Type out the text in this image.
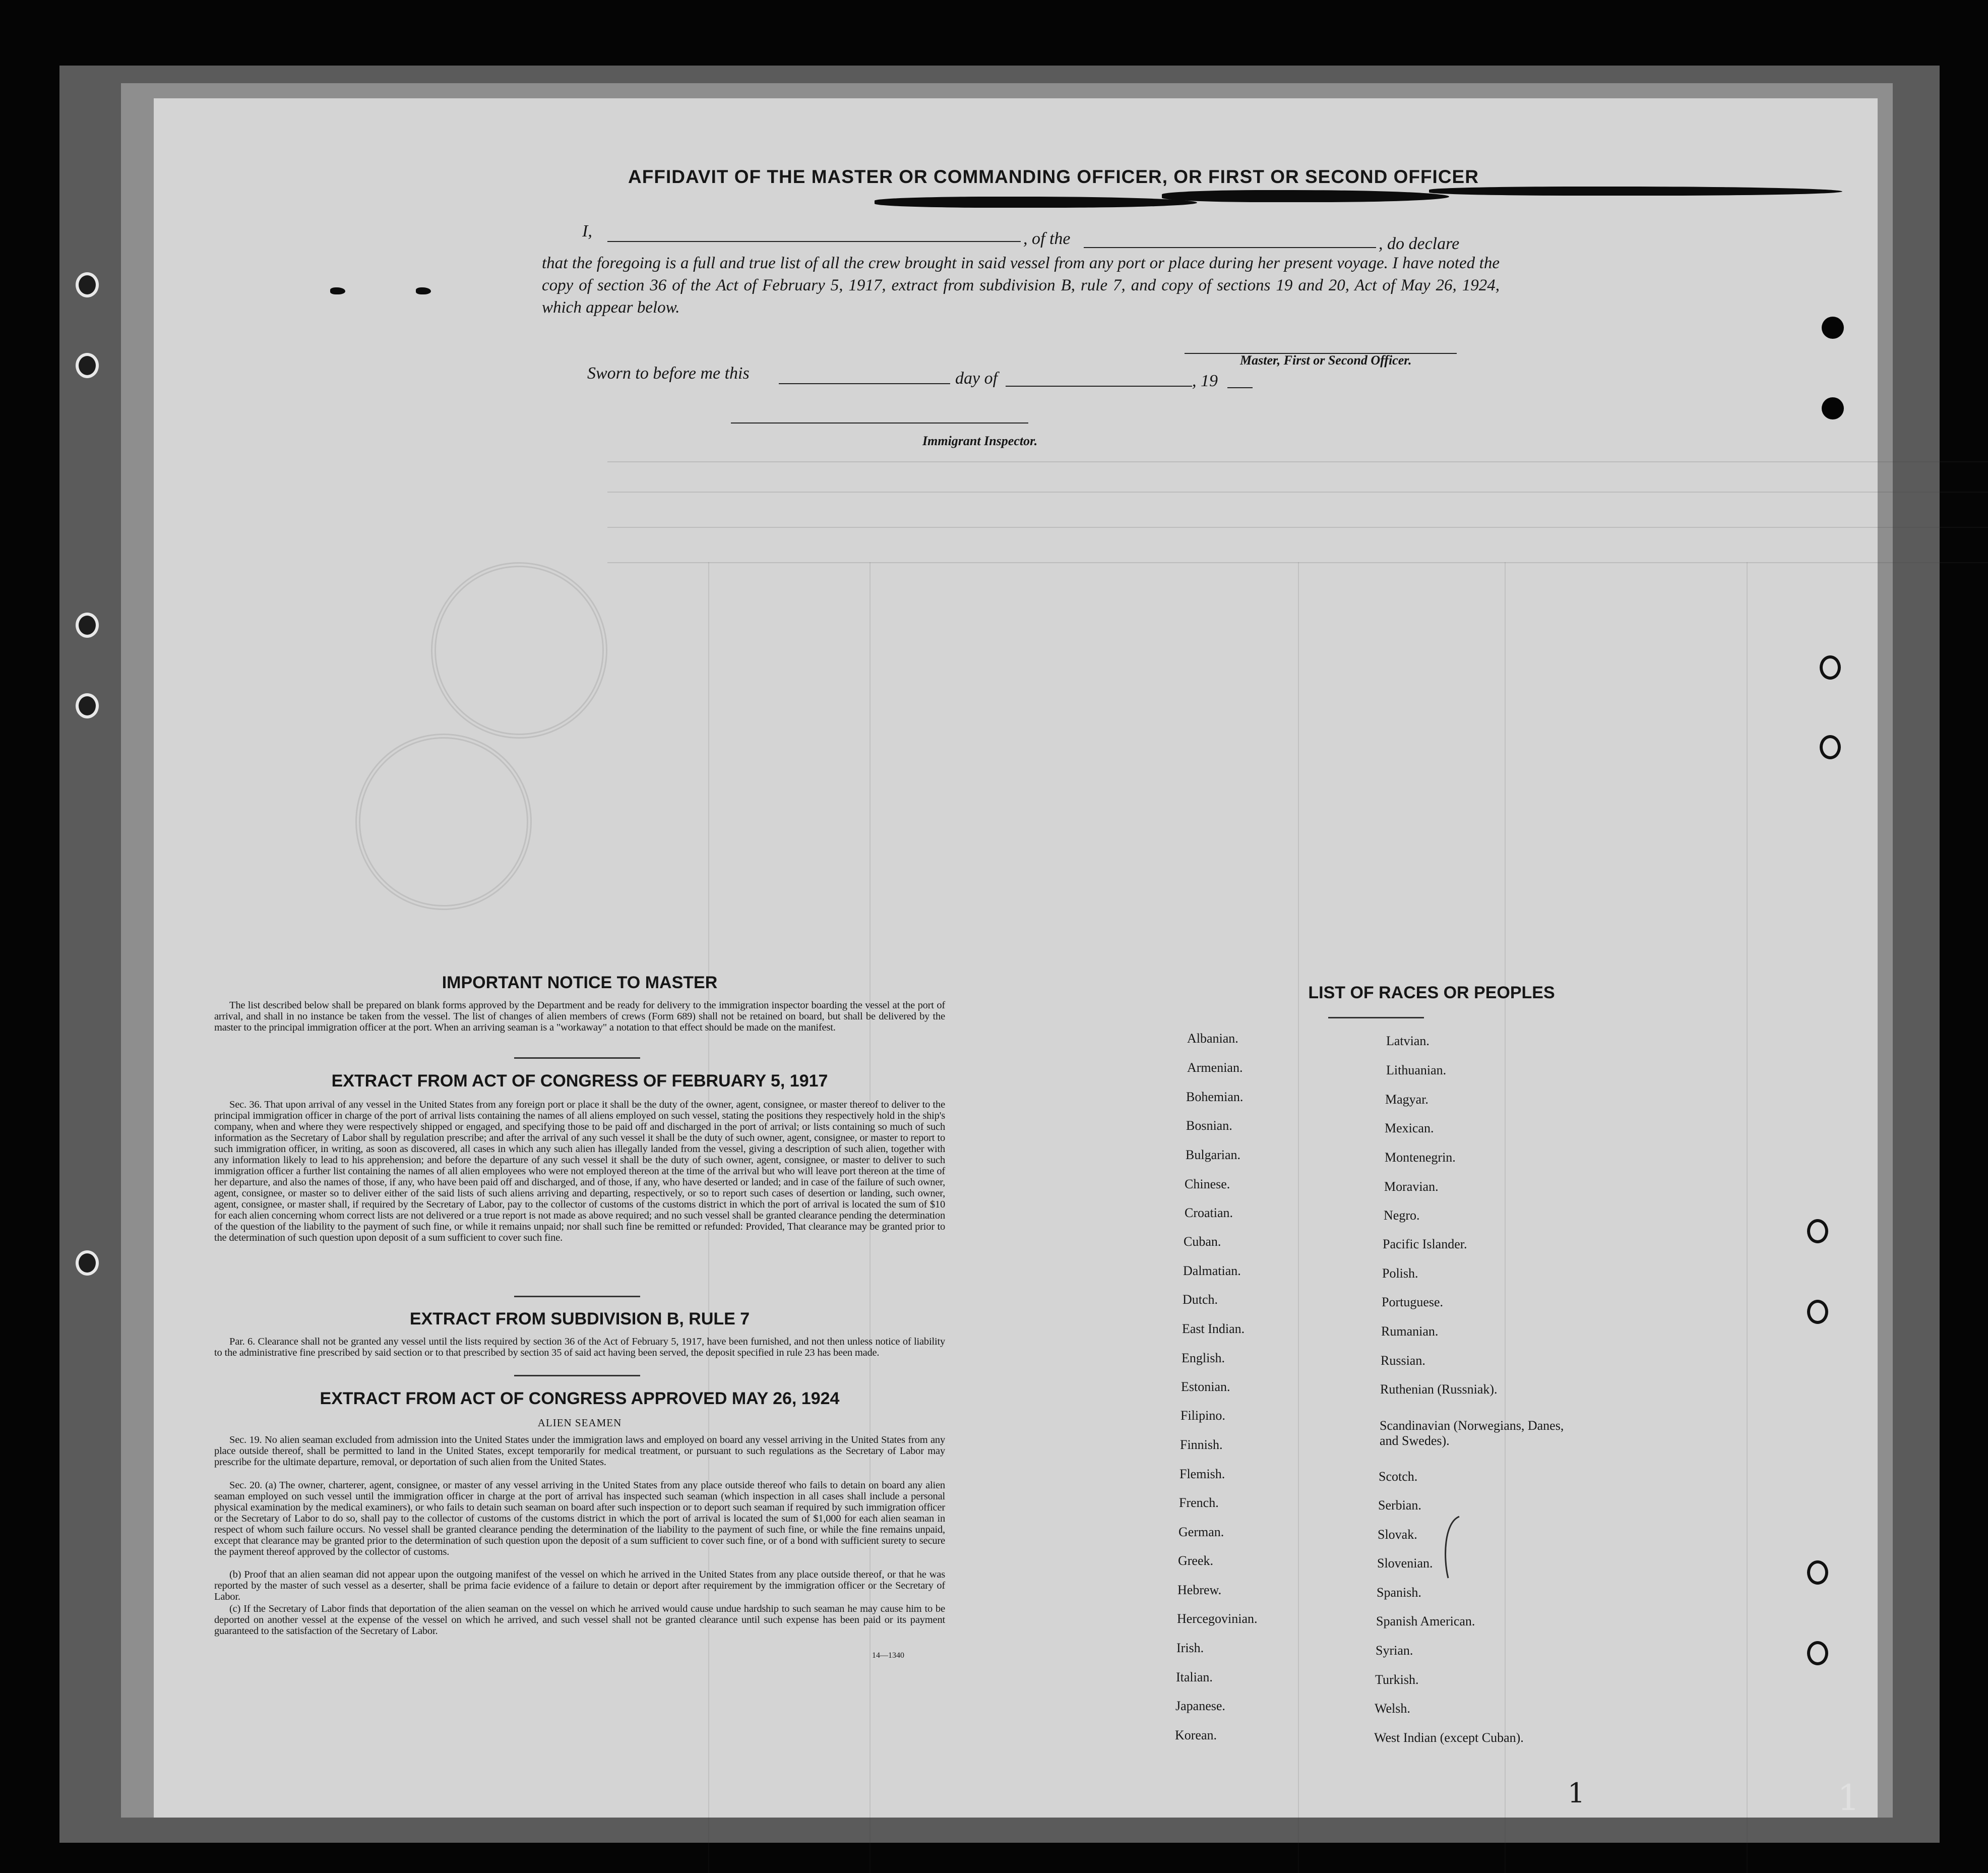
AFFIDAVIT OF THE MASTER OR COMMANDING OFFICER, OR FIRST OR SECOND OFFICER
I,	, of the	, do declare
that the foregoing is a full and true list of all the crew brought in said vessel from any port or place during her present voyage. I have noted the copy of section 36 of the Act of February 5, 1917, extract from subdivision B, rule 7, and copy of sections 19 and 20, Act of May 26, 1924, which appear below.
Master, First or Second Officer.
Sworn to before me this	day of	, 19
Immigrant Inspector.
IMPORTANT NOTICE TO MASTER
The list described below shall be prepared on blank forms approved by the Department and be ready for delivery to the immigration inspector boarding the vessel at the port of arrival, and shall in no instance be taken from the vessel. The list of changes of alien members of crews (Form 689) shall not be retained on board, but shall be delivered by the master to the principal immigration officer at the port. When an arriving seaman is a "workaway" a notation to that effect should be made on the manifest.
EXTRACT FROM ACT OF CONGRESS OF FEBRUARY 5, 1917
Sec. 36. That upon arrival of any vessel in the United States from any foreign port or place it shall be the duty of the owner, agent, consignee, or master thereof to deliver to the principal immigration officer in charge of the port of arrival lists containing the names of all aliens employed on such vessel, stating the positions they respectively hold in the ship's company, when and where they were respectively shipped or engaged, and specifying those to be paid off and discharged in the port of arrival; or lists containing so much of such information as the Secretary of Labor shall by regulation prescribe; and after the arrival of any such vessel it shall be the duty of such owner, agent, consignee, or master to report to such immigration officer, in writing, as soon as discovered, all cases in which any such alien has illegally landed from the vessel, giving a description of such alien, together with any information likely to lead to his apprehension; and before the departure of any such vessel it shall be the duty of such owner, agent, consignee, or master to deliver to such immigration officer a further list containing the names of all alien employees who were not employed thereon at the time of the arrival but who will leave port thereon at the time of her departure, and also the names of those, if any, who have been paid off and discharged, and of those, if any, who have deserted or landed; and in case of the failure of such owner, agent, consignee, or master so to deliver either of the said lists of such aliens arriving and departing, respectively, or so to report such cases of desertion or landing, such owner, agent, consignee, or master shall, if required by the Secretary of Labor, pay to the collector of customs of the customs district in which the port of arrival is located the sum of $10 for each alien concerning whom correct lists are not delivered or a true report is not made as above required; and no such vessel shall be granted clearance pending the determination of the question of the liability to the payment of such fine, or while it remains unpaid; nor shall such fine be remitted or refunded: Provided, That clearance may be granted prior to the determination of such question upon deposit of a sum sufficient to cover such fine.
EXTRACT FROM SUBDIVISION B, RULE 7
Par. 6. Clearance shall not be granted any vessel until the lists required by section 36 of the Act of February 5, 1917, have been furnished, and not then unless notice of liability to the administrative fine prescribed by said section or to that prescribed by section 35 of said act having been served, the deposit specified in rule 23 has been made.
EXTRACT FROM ACT OF CONGRESS APPROVED MAY 26, 1924
ALIEN SEAMEN
Sec. 19. No alien seaman excluded from admission into the United States under the immigration laws and employed on board any vessel arriving in the United States from any place outside thereof, shall be permitted to land in the United States, except temporarily for medical treatment, or pursuant to such regulations as the Secretary of Labor may prescribe for the ultimate departure, removal, or deportation of such alien from the United States.
Sec. 20. (a) The owner, charterer, agent, consignee, or master of any vessel arriving in the United States from any place outside thereof who fails to detain on board any alien seaman employed on such vessel until the immigration officer in charge at the port of arrival has inspected such seaman (which inspection in all cases shall include a personal physical examination by the medical examiners), or who fails to detain such seaman on board after such inspection or to deport such seaman if required by such immigration officer or the Secretary of Labor to do so, shall pay to the collector of customs of the customs district in which the port of arrival is located the sum of $1,000 for each alien seaman in respect of whom such failure occurs. No vessel shall be granted clearance pending the determination of the liability to the payment of such fine, or while the fine remains unpaid, except that clearance may be granted prior to the determination of such question upon the deposit of a sum sufficient to cover such fine, or of a bond with sufficient surety to secure the payment thereof approved by the collector of customs.
(b) Proof that an alien seaman did not appear upon the outgoing manifest of the vessel on which he arrived in the United States from any place outside thereof, or that he was reported by the master of such vessel as a deserter, shall be prima facie evidence of a failure to detain or deport after requirement by the immigration officer or the Secretary of Labor.
(c) If the Secretary of Labor finds that deportation of the alien seaman on the vessel on which he arrived would cause undue hardship to such seaman he may cause him to be deported on another vessel at the expense of the vessel on which he arrived, and such vessel shall not be granted clearance until such expense has been paid or its payment guaranteed to the satisfaction of the Secretary of Labor.
14—1340
LIST OF RACES OR PEOPLES
Albanian.
Armenian.
Bohemian.
Bosnian.
Bulgarian.
Chinese.
Croatian.
Cuban.
Dalmatian.
Dutch.
East Indian.
English.
Estonian.
Filipino.
Finnish.
Flemish.
French.
German.
Greek.
Hebrew.
Hercegovinian.
Irish.
Italian.
Japanese.
Korean.
Latvian.
Lithuanian.
Magyar.
Mexican.
Montenegrin.
Moravian.
Negro.
Pacific Islander.
Polish.
Portuguese.
Rumanian.
Russian.
Ruthenian (Russniak).
Scandinavian (Norwegians, Danes, and Swedes).
Scotch.
Serbian.
Slovak.
Slovenian.
Spanish.
Spanish American.
Syrian.
Turkish.
Welsh.
West Indian (except Cuban).
1	1
